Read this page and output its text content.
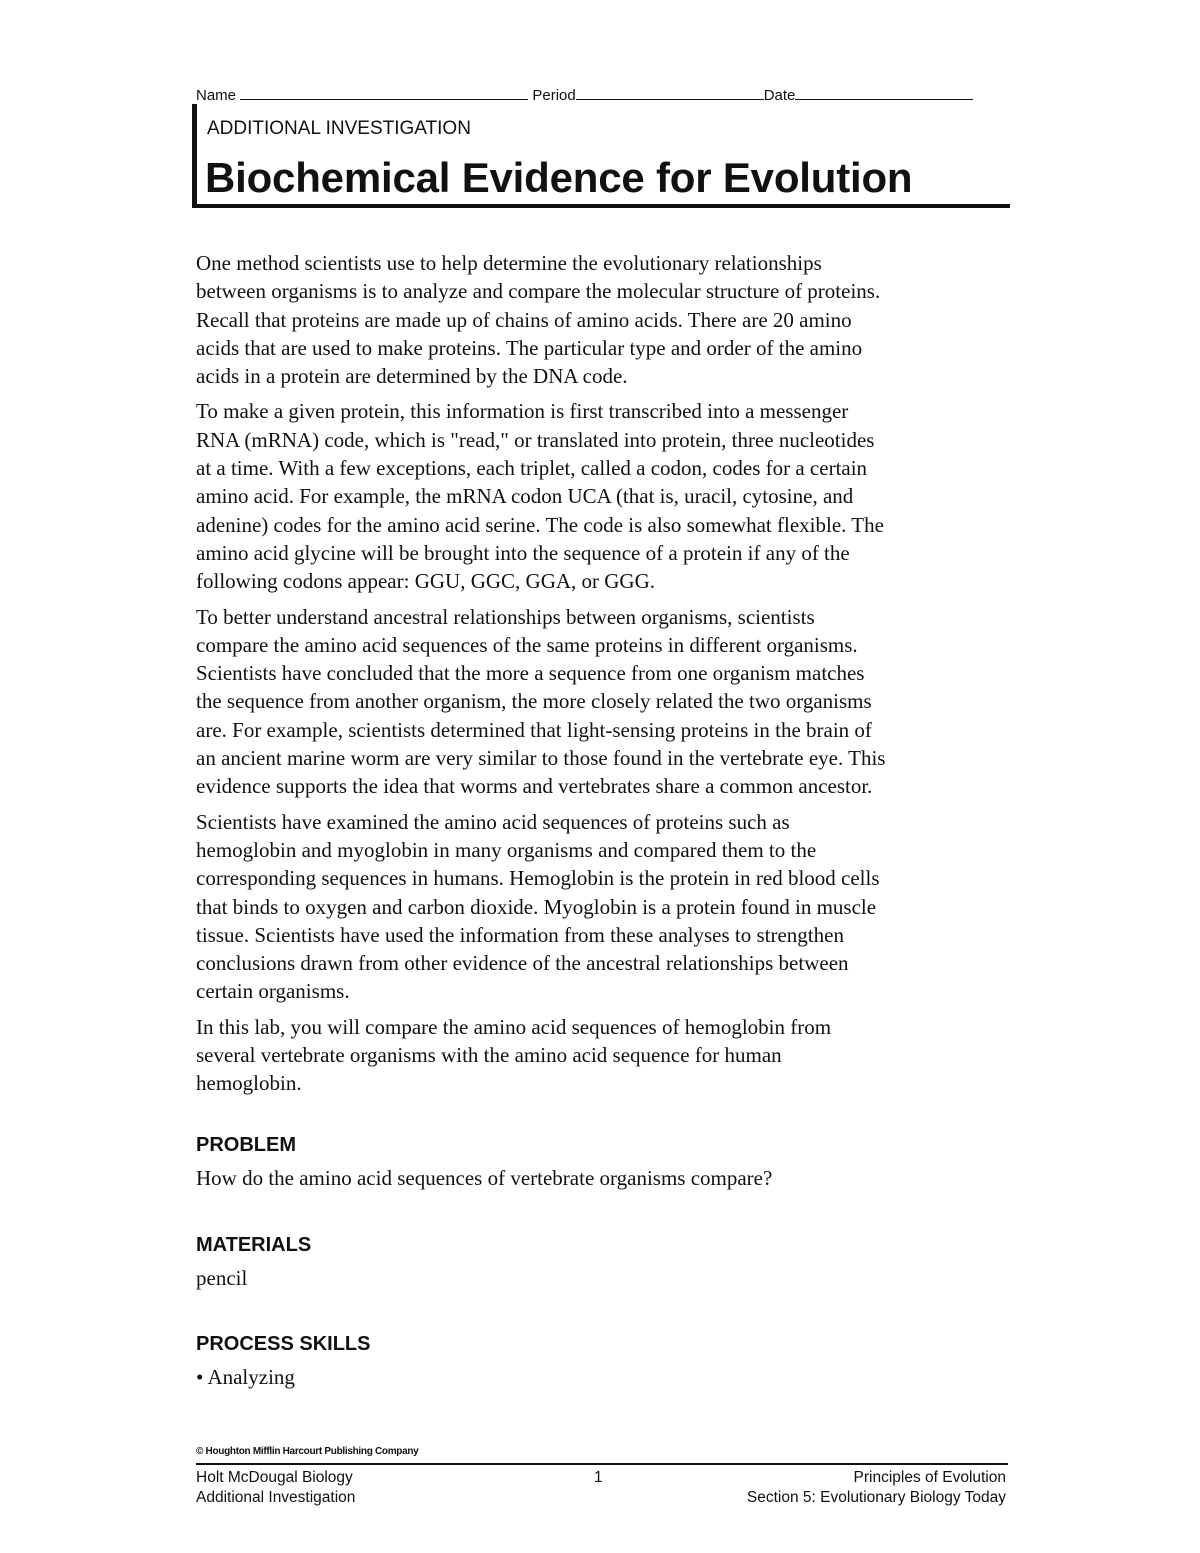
Name	Period	Date
ADDITIONAL INVESTIGATION
Biochemical Evidence for Evolution

One method scientists use to help determine the evolutionary relationships
between organisms is to analyze and compare the molecular structure of proteins.
Recall that proteins are made up of chains of amino acids. There are 20 amino
acids that are used to make proteins. The particular type and order of the amino
acids in a protein are determined by the DNA code.

To make a given protein, this information is first transcribed into a messenger
RNA (mRNA) code, which is "read," or translated into protein, three nucleotides
at a time. With a few exceptions, each triplet, called a codon, codes for a certain
amino acid. For example, the mRNA codon UCA (that is, uracil, cytosine, and
adenine) codes for the amino acid serine. The code is also somewhat flexible. The
amino acid glycine will be brought into the sequence of a protein if any of the
following codons appear: GGU, GGC, GGA, or GGG.

To better understand ancestral relationships between organisms, scientists
compare the amino acid sequences of the same proteins in different organisms.
Scientists have concluded that the more a sequence from one organism matches
the sequence from another organism, the more closely related the two organisms
are. For example, scientists determined that light-sensing proteins in the brain of
an ancient marine worm are very similar to those found in the vertebrate eye. This
evidence supports the idea that worms and vertebrates share a common ancestor.

Scientists have examined the amino acid sequences of proteins such as
hemoglobin and myoglobin in many organisms and compared them to the
corresponding sequences in humans. Hemoglobin is the protein in red blood cells
that binds to oxygen and carbon dioxide. Myoglobin is a protein found in muscle
tissue. Scientists have used the information from these analyses to strengthen
conclusions drawn from other evidence of the ancestral relationships between
certain organisms.

In this lab, you will compare the amino acid sequences of hemoglobin from
several vertebrate organisms with the amino acid sequence for human
hemoglobin.

PROBLEM
How do the amino acid sequences of vertebrate organisms compare?
MATERIALS
pencil
PROCESS SKILLS
• Analyzing
© Houghton Mifflin Harcourt Publishing Company
Holt McDougal Biology
Additional Investigation
1	Principles of Evolution
Section 5: Evolutionary Biology Today
